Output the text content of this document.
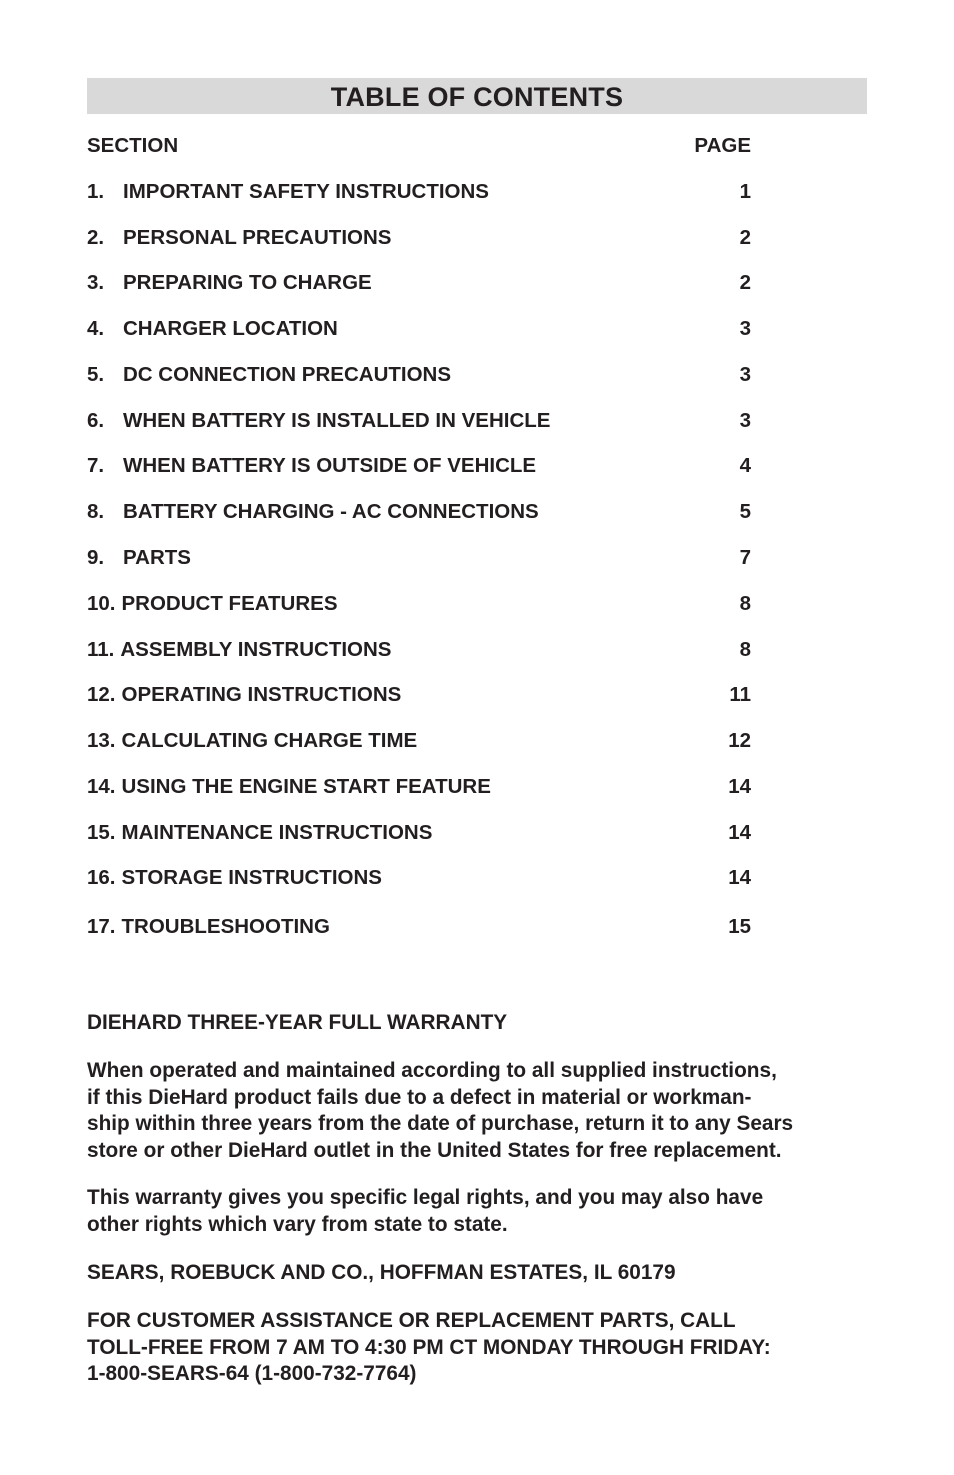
TABLE OF CONTENTS
SECTION	PAGE
1. IMPORTANT SAFETY INSTRUCTIONS	1
2. PERSONAL PRECAUTIONS	2
3. PREPARING TO CHARGE	2
4. CHARGER LOCATION	3
5. DC CONNECTION PRECAUTIONS	3
6. WHEN BATTERY IS INSTALLED IN VEHICLE	3
7. WHEN BATTERY IS OUTSIDE OF VEHICLE	4
8. BATTERY CHARGING - AC CONNECTIONS	5
9. PARTS	7
10. PRODUCT FEATURES	8
11. ASSEMBLY INSTRUCTIONS	8
12. OPERATING INSTRUCTIONS	11
13. CALCULATING CHARGE TIME	12
14. USING THE ENGINE START FEATURE	14
15. MAINTENANCE INSTRUCTIONS	14
16. STORAGE INSTRUCTIONS	14
17. TROUBLESHOOTING	15

DIEHARD THREE-YEAR FULL WARRANTY

When operated and maintained according to all supplied instructions,

if this DieHard product fails due to a defect in material or workman-

ship within three years from the date of purchase, return it to any Sears

store or other DieHard outlet in the United States for free replacement.

This warranty gives you specific legal rights, and you may also have

other rights which vary from state to state.

SEARS, ROEBUCK AND CO., HOFFMAN ESTATES, IL 60179

FOR CUSTOMER ASSISTANCE OR REPLACEMENT PARTS, CALL

TOLL-FREE FROM 7 AM TO 4:30 PM CT MONDAY THROUGH FRIDAY:

1-800-SEARS-64 (1-800-732-7764)
